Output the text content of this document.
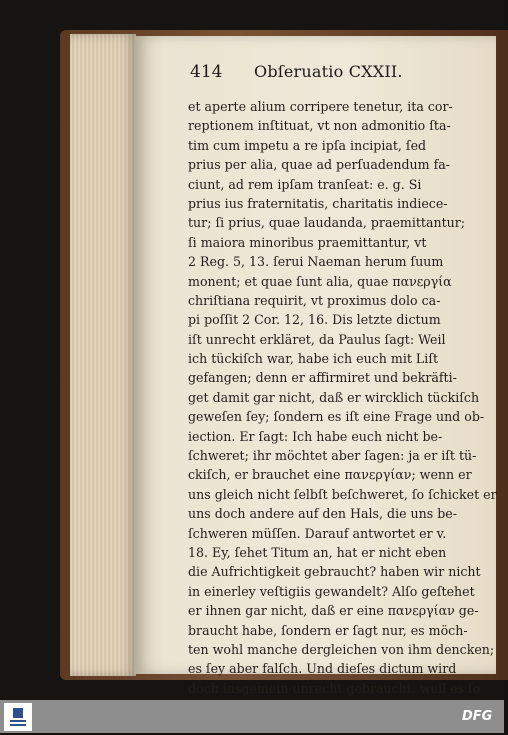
414 Obſeruatio CXXII.
et aperte alium corripere tenetur, ita cor-
reptionem inſtituat, vt non admonitio ſta-
tim cum impetu a re ipſa incipiat, ſed
prius per alia, quae ad perſuadendum fa-
ciunt, ad rem ipſam tranſeat: e. g. Si
prius ius fraternitatis, charitatis indiece-
tur; ſi prius, quae laudanda, praemittantur;
ſi maiora minoribus praemittantur, vt
2 Reg. 5, 13. ſerui Naeman herum ſuum
monent; et quae ſunt alia, quae πανεργία
chriſtiana requirit, vt proximus dolo ca-
pi poſſit 2 Cor. 12, 16. Dis letzte dictum
iſt unrecht erkläret, da Paulus ſagt: Weil
ich tückiſch war, habe ich euch mit Liſt
gefangen; denn er affirmiret und bekräfti-
get damit gar nicht, daß er wircklich tückiſch
geweſen ſey; ſondern es iſt eine Frage und ob-
iection. Er ſagt: Ich habe euch nicht be-
ſchweret; ihr möchtet aber ſagen: ja er iſt tü-
ckiſch, er brauchet eine πανεργίαν; wenn er
uns gleich nicht ſelbſt beſchweret, ſo ſchicket er
uns doch andere auf den Hals, die uns be-
ſchweren müſſen. Darauf antwortet er v.
18. Ey, ſehet Titum an, hat er nicht eben
die Aufrichtigkeit gebraucht? haben wir nicht
in einerley veſtigiis gewandelt? Alſo geſtehet
er ihnen gar nicht, daß er eine πανεργίαν ge-
braucht habe, ſondern er ſagt nur, es möch-
ten wohl manche dergleichen von ihm dencken;
es ſey aber falſch. Und dieſes dictum wird
doch insgemein unrecht gebraucht, weil es ſo
DFG
